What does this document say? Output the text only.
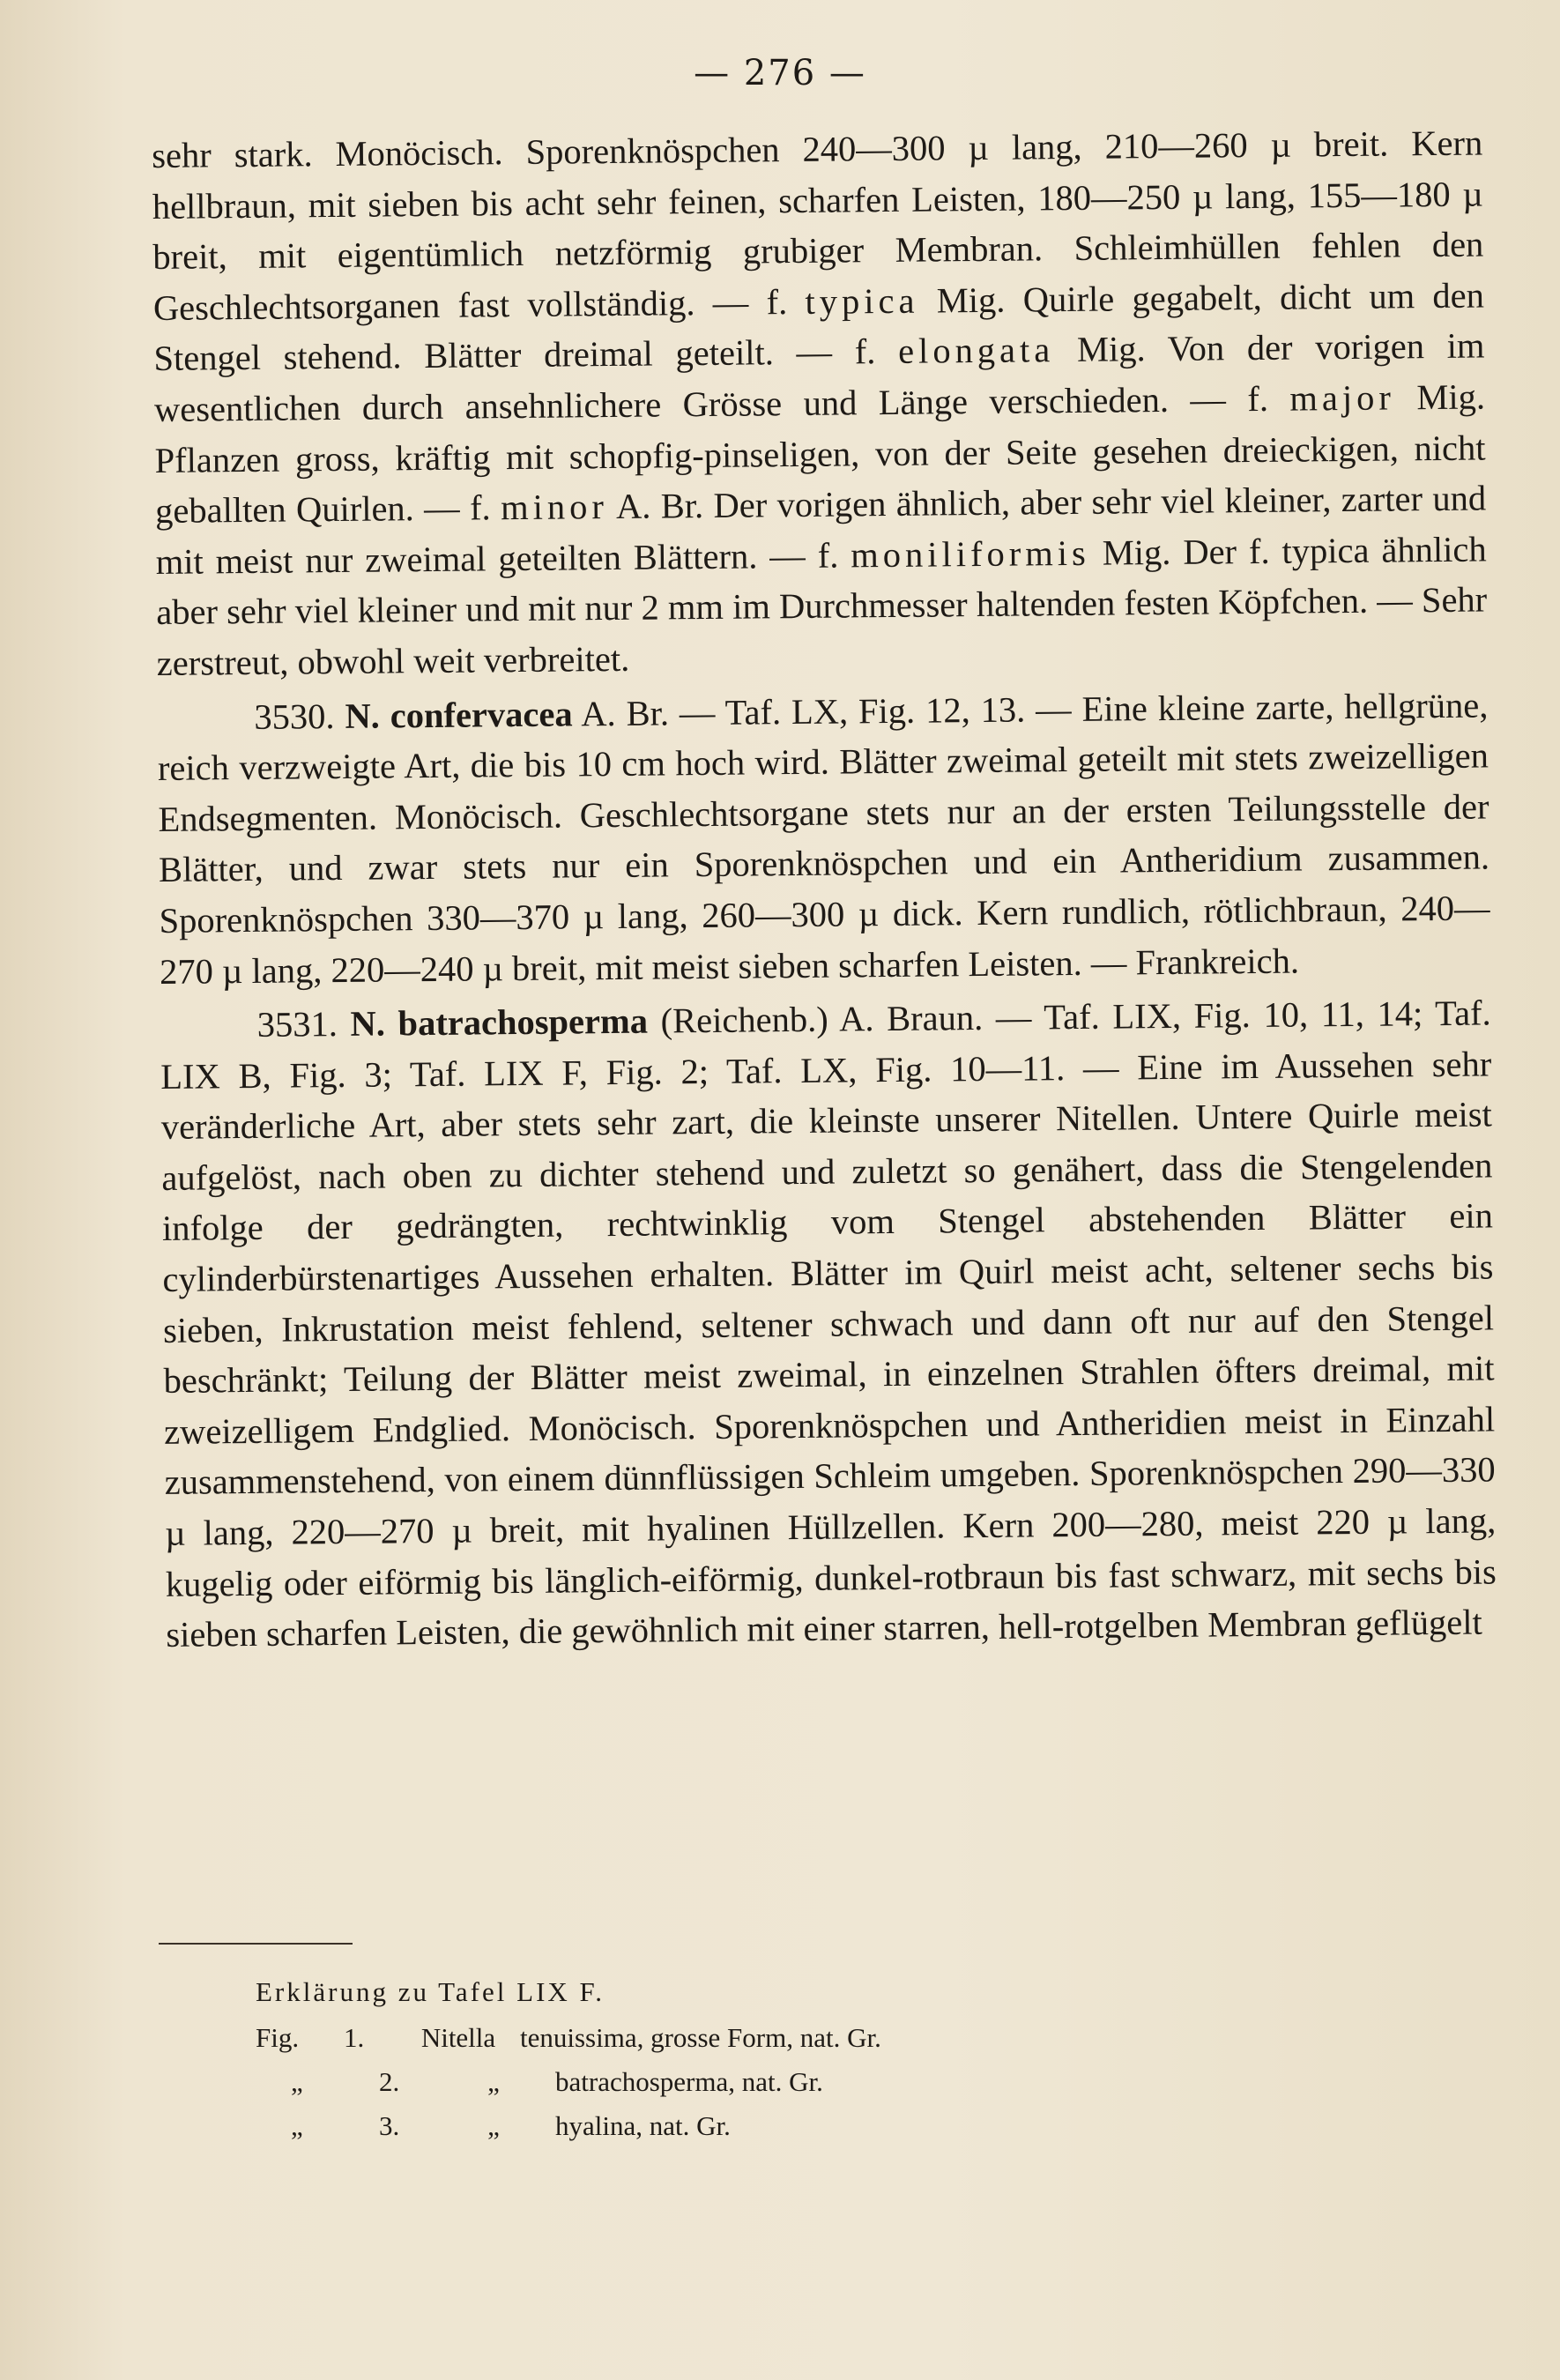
— 276 —

sehr stark. Monöcisch. Sporenknöspchen 240—300 µ lang, 210—260 µ breit. Kern hellbraun, mit sieben bis acht sehr feinen, scharfen Leisten, 180—250 µ lang, 155—180 µ breit, mit eigentümlich netzförmig grubiger Membran. Schleimhüllen fehlen den Geschlechtsorganen fast vollständig. — f. typica Mig. Quirle gegabelt, dicht um den Stengel stehend. Blätter dreimal geteilt. — f. elongata Mig. Von der vorigen im wesentlichen durch ansehnlichere Grösse und Länge verschieden. — f. major Mig. Pflanzen gross, kräftig mit schopfig-pinseligen, von der Seite gesehen dreieckigen, nicht geballten Quirlen. — f. minor A. Br. Der vorigen ähnlich, aber sehr viel kleiner, zarter und mit meist nur zweimal geteilten Blättern. — f. moniliformis Mig. Der f. typica ähnlich aber sehr viel kleiner und mit nur 2 mm im Durchmesser haltenden festen Köpfchen. — Sehr zerstreut, obwohl weit verbreitet.

3530. N. confervacea A. Br. — Taf. LX, Fig. 12, 13. — Eine kleine zarte, hellgrüne, reich verzweigte Art, die bis 10 cm hoch wird. Blätter zweimal geteilt mit stets zweizelligen Endsegmenten. Monöcisch. Geschlechtsorgane stets nur an der ersten Teilungsstelle der Blätter, und zwar stets nur ein Sporenknöspchen und ein Antheridium zusammen. Sporenknöspchen 330—370 µ lang, 260—300 µ dick. Kern rundlich, rötlichbraun, 240—270 µ lang, 220—240 µ breit, mit meist sieben scharfen Leisten. — Frankreich.

3531. N. batrachosperma (Reichenb.) A. Braun. — Taf. LIX, Fig. 10, 11, 14; Taf. LIX B, Fig. 3; Taf. LIX F, Fig. 2; Taf. LX, Fig. 10—11. — Eine im Aussehen sehr veränderliche Art, aber stets sehr zart, die kleinste unserer Nitellen. Untere Quirle meist aufgelöst, nach oben zu dichter stehend und zuletzt so genähert, dass die Stengelenden infolge der gedrängten, rechtwinklig vom Stengel abstehenden Blätter ein cylinderbürstenartiges Aussehen erhalten. Blätter im Quirl meist acht, seltener sechs bis sieben, Inkrustation meist fehlend, seltener schwach und dann oft nur auf den Stengel beschränkt; Teilung der Blätter meist zweimal, in einzelnen Strahlen öfters dreimal, mit zweizelligem Endglied. Monöcisch. Sporenknöspchen und Antheridien meist in Einzahl zusammenstehend, von einem dünnflüssigen Schleim umgeben. Sporenknöspchen 290—330 µ lang, 220—270 µ breit, mit hyalinen Hüllzellen. Kern 200—280, meist 220 µ lang, kugelig oder eiförmig bis länglich-eiförmig, dunkel-rotbraun bis fast schwarz, mit sechs bis sieben scharfen Leisten, die gewöhnlich mit einer starren, hell-rotgelben Membran geflügelt

Erklärung zu Tafel LIX F.
Fig.	1.	Nitella tenuissima, grosse Form, nat. Gr.
„	2.	„	batrachosperma, nat. Gr.
„	3.	„	hyalina, nat. Gr.
